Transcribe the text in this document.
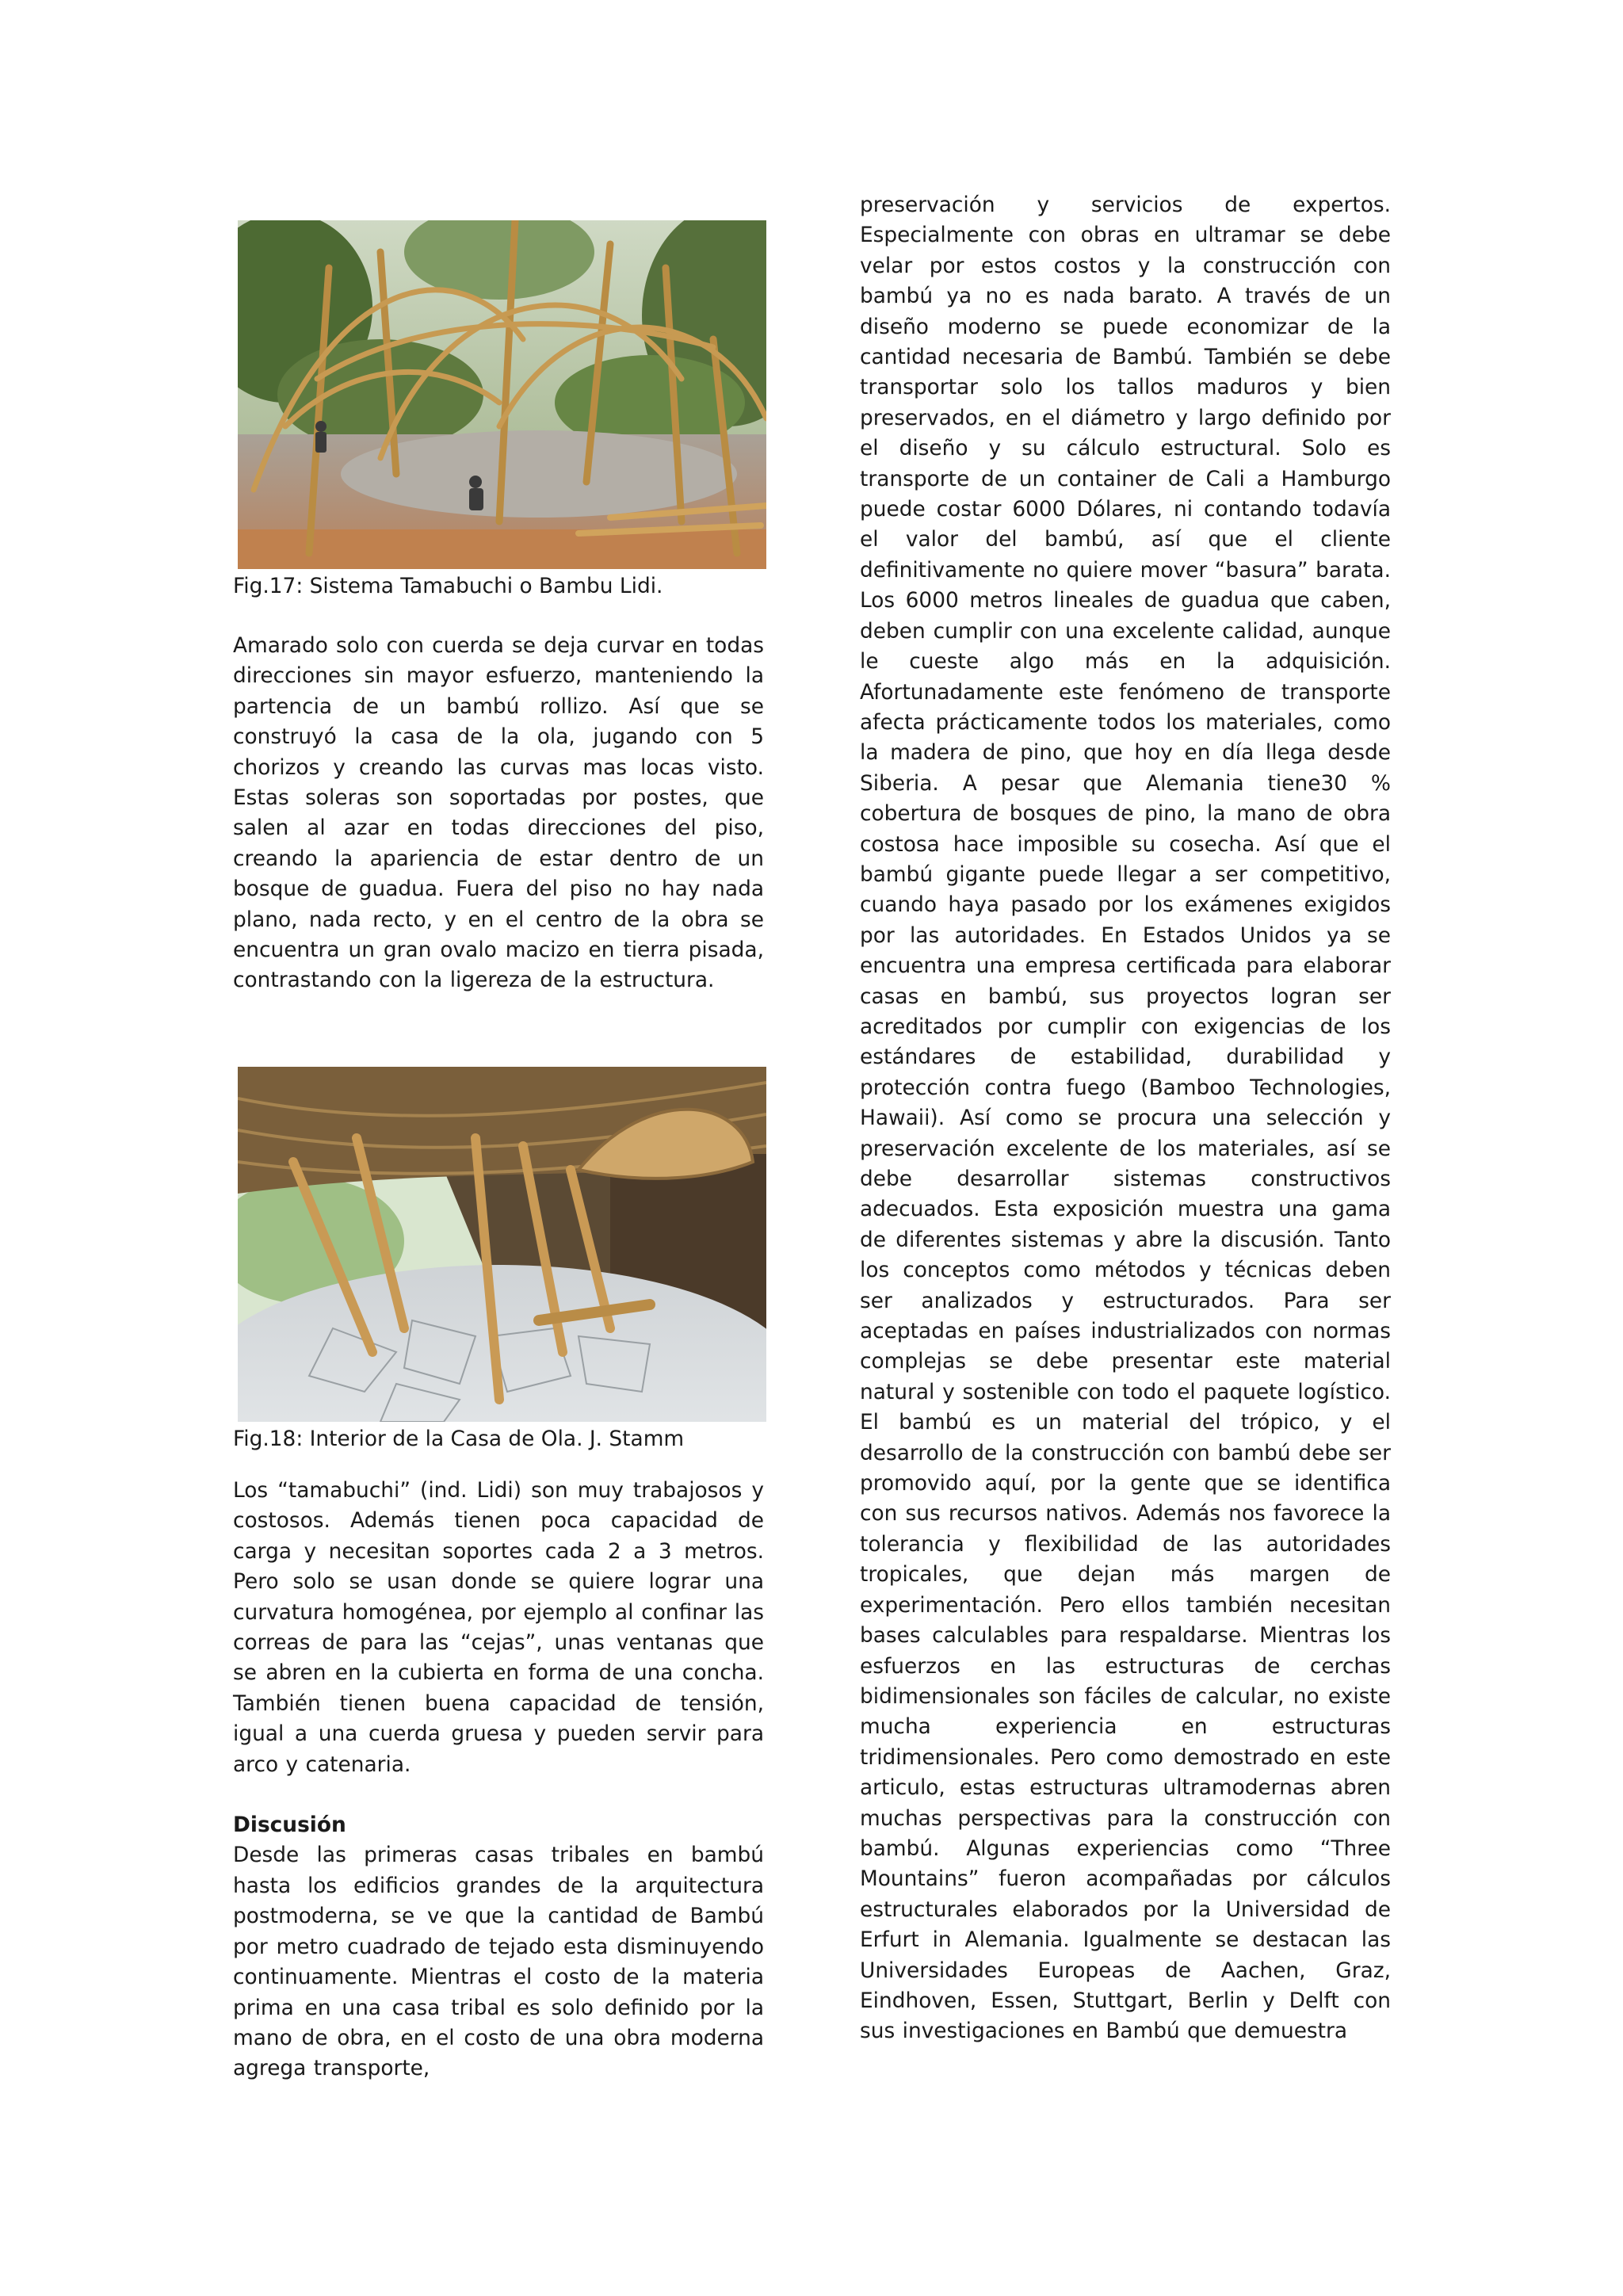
Fig.17: Sistema Tamabuchi o Bambu Lidi.

Amarado solo con cuerda se deja curvar en todas direcciones sin mayor esfuerzo, manteniendo la partencia de un bambú rollizo. Así que se construyó la casa de la ola, jugando con 5 chorizos y creando las curvas mas locas visto. Estas soleras son soportadas por postes, que salen al azar en todas direcciones del piso, creando la apariencia de estar dentro de un bosque de guadua. Fuera del piso no hay nada plano, nada recto, y en el centro de la obra se encuentra un gran ovalo macizo en tierra pisada, contrastando con la ligereza de la estructura.

Fig.18: Interior de la Casa de Ola. J. Stamm

Los “tamabuchi” (ind. Lidi) son muy trabajosos y costosos. Además tienen poca capacidad de carga y necesitan soportes cada 2 a 3 metros. Pero solo se usan donde se quiere lograr una curvatura homogénea, por ejemplo al confinar las correas de para las “cejas”, unas ventanas que se abren en la cubierta en forma de una concha. También tienen buena capacidad de tensión, igual a una cuerda gruesa y pueden servir para arco y catenaria.

Discusión

Desde las primeras casas tribales en bambú hasta los edificios grandes de la arquitectura postmoderna, se ve que la cantidad de Bambú por metro cuadrado de tejado esta disminuyendo continuamente. Mientras el costo de la materia prima en una casa tribal es solo definido por la mano de obra, en el costo de una obra moderna agrega transporte,

preservación y servicios de expertos. Especialmente con obras en ultramar se debe velar por estos costos y la construcción con bambú ya no es nada barato. A través de un diseño moderno se puede economizar de la cantidad necesaria de Bambú. También se debe transportar solo los tallos maduros y bien preservados, en el diámetro y largo definido por el diseño y su cálculo estructural. Solo es transporte de un container de Cali a Hamburgo puede costar 6000 Dólares, ni contando todavía el valor del bambú, así que el cliente definitivamente no quiere mover “basura” barata. Los 6000 metros lineales de guadua que caben, deben cumplir con una excelente calidad, aunque le cueste algo más en la adquisición. Afortunadamente este fenómeno de transporte afecta prácticamente todos los materiales, como la madera de pino, que hoy en día llega desde Siberia. A pesar que Alemania tiene30 % cobertura de bosques de pino, la mano de obra costosa hace imposible su cosecha. Así que el bambú gigante puede llegar a ser competitivo, cuando haya pasado por los exámenes exigidos por las autoridades. En Estados Unidos ya se encuentra una empresa certificada para elaborar casas en bambú, sus proyectos logran ser acreditados por cumplir con exigencias de los estándares de estabilidad, durabilidad y protección contra fuego (Bamboo Technologies, Hawaii). Así como se procura una selección y preservación excelente de los materiales, así se debe desarrollar sistemas constructivos adecuados. Esta exposición muestra una gama de diferentes sistemas y abre la discusión. Tanto los conceptos como métodos y técnicas deben ser analizados y estructurados. Para ser aceptadas en países industrializados con normas complejas se debe presentar este material natural y sostenible con todo el paquete logístico. El bambú es un material del trópico, y el desarrollo de la construcción con bambú debe ser promovido aquí, por la gente que se identifica con sus recursos nativos. Además nos favorece la tolerancia y flexibilidad de las autoridades tropicales, que dejan más margen de experimentación. Pero ellos también necesitan bases calculables para respaldarse. Mientras los esfuerzos en las estructuras de cerchas bidimensionales son fáciles de calcular, no existe mucha experiencia en estructuras tridimensionales. Pero como demostrado en este articulo, estas estructuras ultramodernas abren muchas perspectivas para la construcción con bambú. Algunas experiencias como “Three Mountains” fueron acompañadas por cálculos estructurales elaborados por la Universidad de Erfurt in Alemania. Igualmente se destacan las Universidades Europeas de Aachen, Graz, Eindhoven, Essen, Stuttgart, Berlin y Delft con sus investigaciones en Bambú que demuestra
